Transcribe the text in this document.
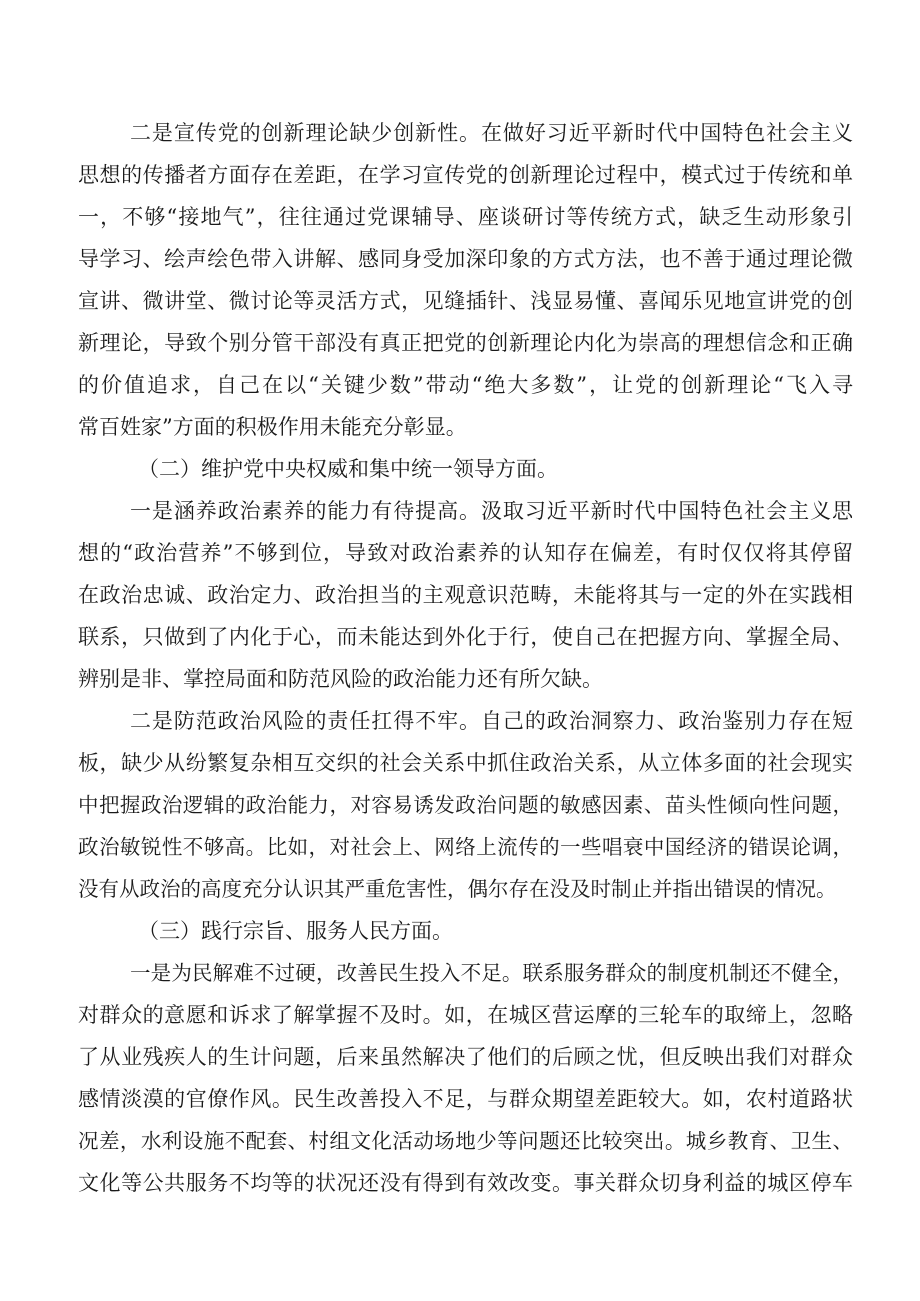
二是宣传党的创新理论缺少创新性。在做好习近平新时代中国特色社会主义
思想的传播者方面存在差距，在学习宣传党的创新理论过程中，模式过于传统和单
一，不够“接地气”，往往通过党课辅导、座谈研讨等传统方式，缺乏生动形象引
导学习、绘声绘色带入讲解、感同身受加深印象的方式方法，也不善于通过理论微
宣讲、微讲堂、微讨论等灵活方式，见缝插针、浅显易懂、喜闻乐见地宣讲党的创
新理论，导致个别分管干部没有真正把党的创新理论内化为崇高的理想信念和正确
的价值追求，自己在以“关键少数”带动“绝大多数”，让党的创新理论“飞入寻
常百姓家”方面的积极作用未能充分彰显。
（二）维护党中央权威和集中统一领导方面。
一是涵养政治素养的能力有待提高。汲取习近平新时代中国特色社会主义思
想的“政治营养”不够到位，导致对政治素养的认知存在偏差，有时仅仅将其停留
在政治忠诚、政治定力、政治担当的主观意识范畴，未能将其与一定的外在实践相
联系，只做到了内化于心，而未能达到外化于行，使自己在把握方向、掌握全局、
辨别是非、掌控局面和防范风险的政治能力还有所欠缺。
二是防范政治风险的责任扛得不牢。自己的政治洞察力、政治鉴别力存在短
板，缺少从纷繁复杂相互交织的社会关系中抓住政治关系，从立体多面的社会现实
中把握政治逻辑的政治能力，对容易诱发政治问题的敏感因素、苗头性倾向性问题，
政治敏锐性不够高。比如，对社会上、网络上流传的一些唱衰中国经济的错误论调，
没有从政治的高度充分认识其严重危害性，偶尔存在没及时制止并指出错误的情况。
（三）践行宗旨、服务人民方面。
一是为民解难不过硬，改善民生投入不足。联系服务群众的制度机制还不健全，
对群众的意愿和诉求了解掌握不及时。如，在城区营运摩的三轮车的取缔上，忽略
了从业残疾人的生计问题，后来虽然解决了他们的后顾之忧，但反映出我们对群众
感情淡漠的官僚作风。民生改善投入不足，与群众期望差距较大。如，农村道路状
况差，水利设施不配套、村组文化活动场地少等问题还比较突出。城乡教育、卫生、
文化等公共服务不均等的状况还没有得到有效改变。事关群众切身利益的城区停车
